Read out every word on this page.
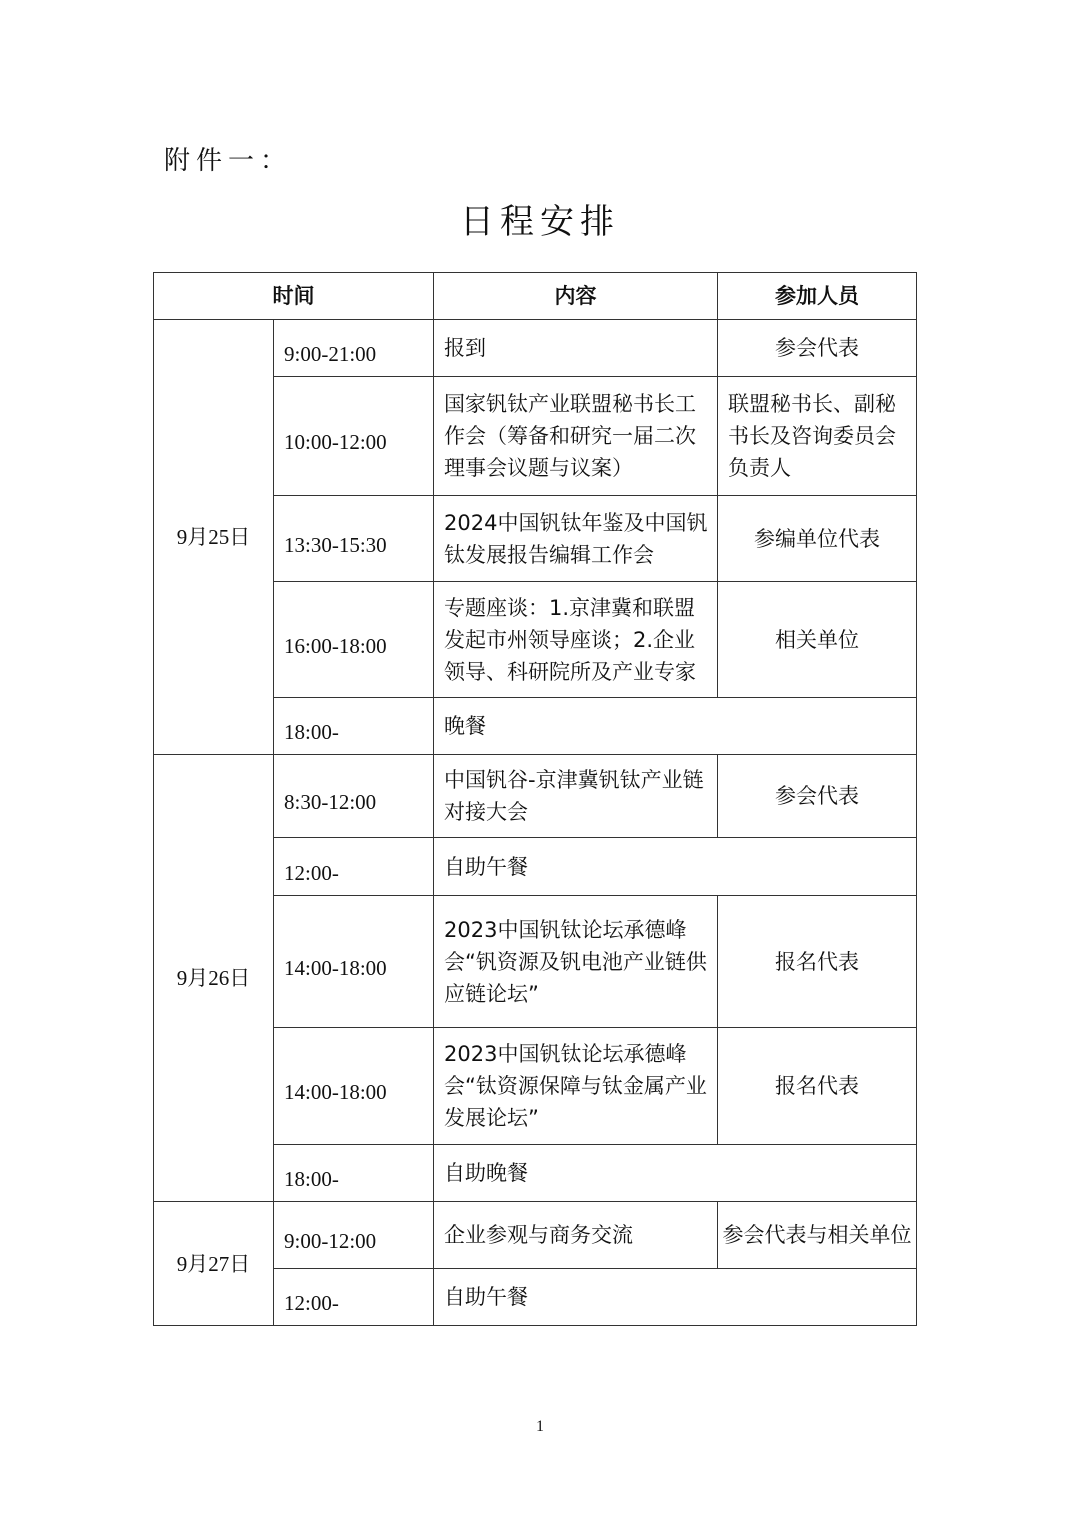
附件一：
日程安排
时间		内容	参加人员
9月25日	9:00-21:00	报到	参会代表
	10:00-12:00	国家钒钛产业联盟秘书长工作会（筹备和研究一届二次理事会议题与议案）	联盟秘书长、副秘书长及咨询委员会负责人
	13:30-15:30	2024中国钒钛年鉴及中国钒钛发展报告编辑工作会	参编单位代表
	16:00-18:00	专题座谈：1.京津冀和联盟发起市州领导座谈；2.企业领导、科研院所及产业专家	相关单位
	18:00-	晚餐	
9月26日	8:30-12:00	中国钒谷-京津冀钒钛产业链对接大会	参会代表
	12:00-	自助午餐	
	14:00-18:00	2023中国钒钛论坛承德峰会“钒资源及钒电池产业链供应链论坛”	报名代表
	14:00-18:00	2023中国钒钛论坛承德峰会“钛资源保障与钛金属产业发展论坛”	报名代表
	18:00-	自助晚餐	
9月27日	9:00-12:00	企业参观与商务交流	参会代表与相关单位
	12:00-	自助午餐	
1
